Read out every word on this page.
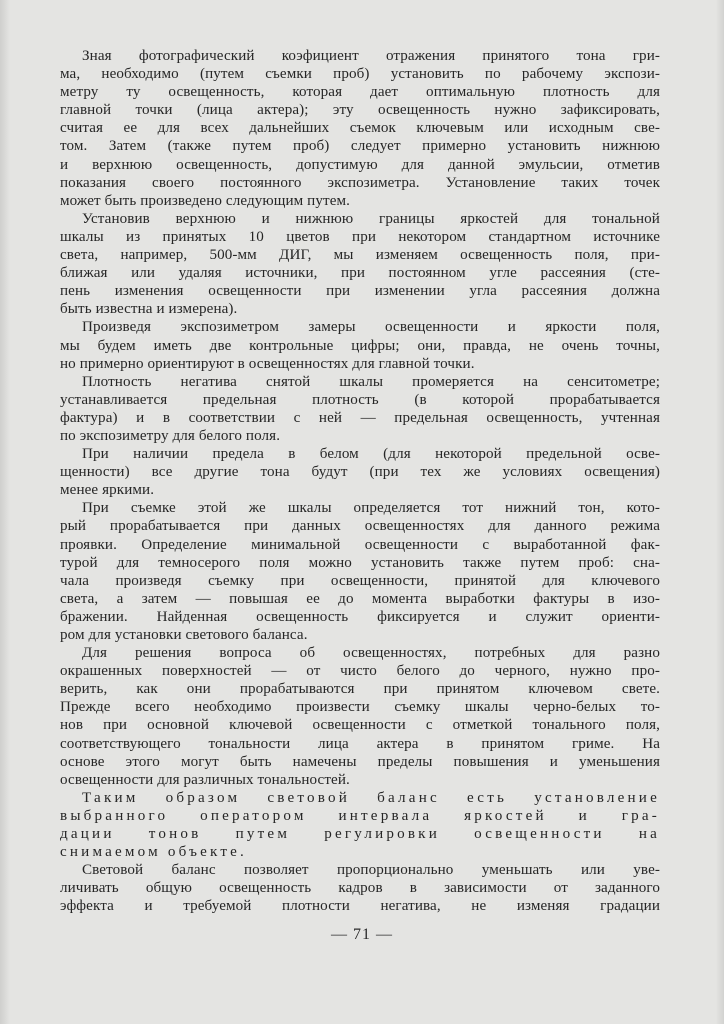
Зная фотографический коэфициент отражения принятого тона гри-
ма, необходимо (путем съемки проб) установить по рабочему экспози-
метру ту освещенность, которая дает оптимальную плотность для
главной точки (лица актера); эту освещенность нужно зафиксировать,
считая ее для всех дальнейших съемок ключевым или исходным све-
том. Затем (также путем проб) следует примерно установить нижнюю
и верхнюю освещенность, допустимую для данной эмульсии, отметив
показания своего постоянного экспозиметра. Установление таких точек
может быть произведено следующим путем.

Установив верхнюю и нижнюю границы яркостей для тональной
шкалы из принятых 10 цветов при некотором стандартном источнике
света, например, 500-мм ДИГ, мы изменяем освещенность поля, при-
ближая или удаляя источники, при постоянном угле рассеяния (сте-
пень изменения освещенности при изменении угла рассеяния должна
быть известна и измерена).

Произведя экспозиметром замеры освещенности и яркости поля,
мы будем иметь две контрольные цифры; они, правда, не очень точны,
но примерно ориентируют в освещенностях для главной точки.

Плотность негатива снятой шкалы промеряется на сенситометре;
устанавливается предельная плотность (в которой прорабатывается
фактура) и в соответствии с ней — предельная освещенность, учтенная
по экспозиметру для белого поля.

При наличии предела в белом (для некоторой предельной осве-
щенности) все другие тона будут (при тех же условиях освещения)
менее яркими.

При съемке этой же шкалы определяется тот нижний тон, кото-
рый прорабатывается при данных освещенностях для данного режима
проявки. Определение минимальной освещенности с выработанной фак-
турой для темносерого поля можно установить также путем проб: сна-
чала произведя съемку при освещенности, принятой для ключевого
света, а затем — повышая ее до момента выработки фактуры в изо-
бражении. Найденная освещенность фиксируется и служит ориенти-
ром для установки светового баланса.

Для решения вопроса об освещенностях, потребных для разно
окрашенных поверхностей — от чисто белого до черного, нужно про-
верить, как они прорабатываются при принятом ключевом свете.
Прежде всего необходимо произвести съемку шкалы черно-белых то-
нов при основной ключевой освещенности с отметкой тонального поля,
соответствующего тональности лица актера в принятом гриме. На
основе этого могут быть намечены пределы повышения и уменьшения
освещенности для различных тональностей.

Таким образом световой баланс есть установление
выбранного оператором интервала яркостей и гра-
дации тонов путем регулировки освещенности на
снимаемом объекте.

Световой баланс позволяет пропорционально уменьшать или уве-
личивать общую освещенность кадров в зависимости от заданного
эффекта и требуемой плотности негатива, не изменяя градации

— 71 —
